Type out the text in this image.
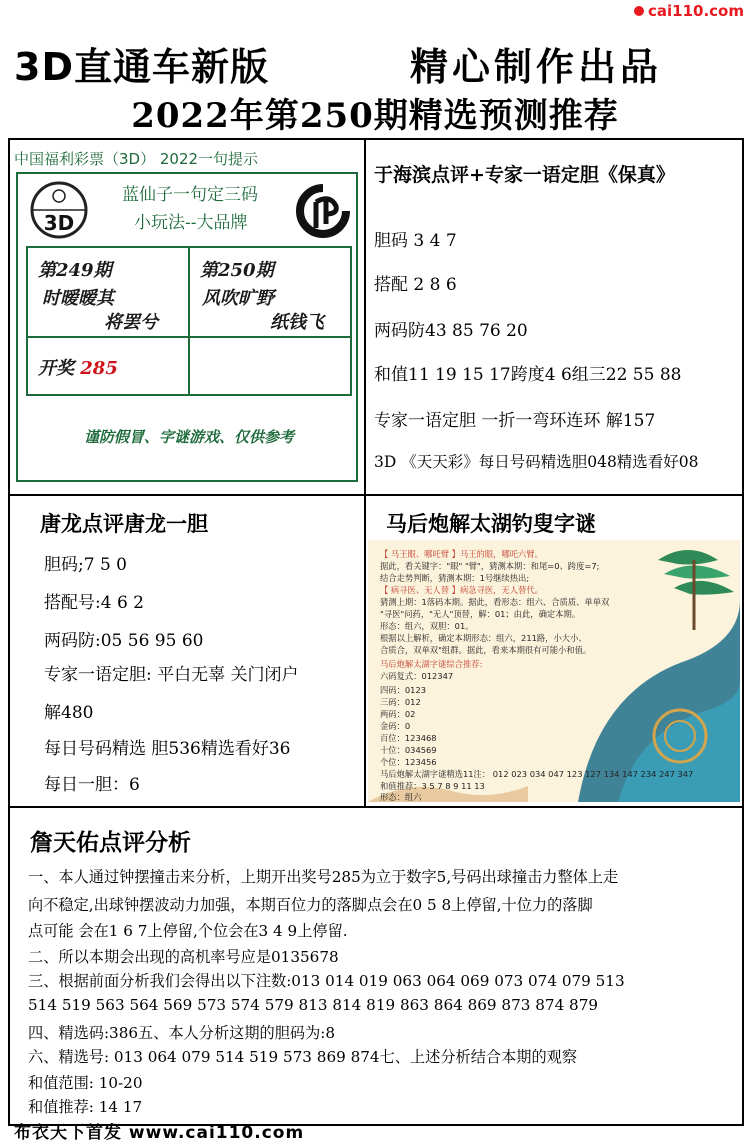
cai110.com
3D直通车新版	精心制作出品
2022年第250期精选预测推荐
中国福利彩票（3D） 2022一句提示
3D
蓝仙子一句定三码
小玩法--大品牌
第249期
时暧暧其
将罢兮
第250期
风吹旷野
纸钱飞
开奖 285
谨防假冒、字谜游戏、仅供参考
于海滨点评+专家一语定胆《保真》
胆码 3 4 7
搭配 2 8 6
两码防43 85 76 20
和值11 19 15 17跨度4 6组三22 55 88
专家一语定胆 一折一弯环连环 解157
3D 《天天彩》每日号码精选胆048精选看好08
唐龙点评唐龙一胆
胆码;7 5 0
搭配号:4 6 2
两码防:05 56 95 60
专家一语定胆: 平白无辜 关门闭户
解480
每日号码精选 胆536精选看好36
每日一胆：6
马后炮解太湖钓叟字谜
【 马王眼、哪吒臂 】马王的眼，哪吒六臂。
据此，看关键字："眼" "臂"，猜测本期：和尾=0、跨度=7;
结合走势判断，猜测本期：1号继续热出;
【 病寻医、无人替 】病急寻医，无人替代。
猜测上期：1落码本期。据此，看形态：组六、合质质、单单双
"寻医"问药，"无人"顶替，解：01；由此，确定本期。
形态：组六，双胆：01。
根据以上解析，确定本期形态：组六，211路，小大小、
合质合，双单双"组群。据此，看来本期很有可能小和值。
马后炮解太湖字谜综合推荐:
六码复式：012347
四码：0123
三码：012
两码：02
金码：0
百位：123468
十位：034569
个位：123456
马后炮解太湖字谜精选11注： 012 023 034 047 123 127 134 147 234 247 347
和值推荐：3 5 7 8 9 11 13
形态：组六
詹天佑点评分析
一、本人通过钟摆撞击来分析，上期开出奖号285为立于数字5,号码出球撞击力整体上走
向不稳定,出球钟摆波动力加强，本期百位力的落脚点会在0 5 8上停留,十位力的落脚
点可能 会在1 6 7上停留,个位会在3 4 9上停留.
二、所以本期会出现的高机率号应是0135678
三、根据前面分析我们会得出以下注数:013 014 019 063 064 069 073 074 079 513
514 519 563 564 569 573 574 579 813 814 819 863 864 869 873 874 879
四、精选码:386五、本人分析这期的胆码为:8
六、精选号: 013 064 079 514 519 573 869 874七、上述分析结合本期的观察
和值范围: 10-20
和值推荐: 14 17
布衣天下首发 www.cai110.com
